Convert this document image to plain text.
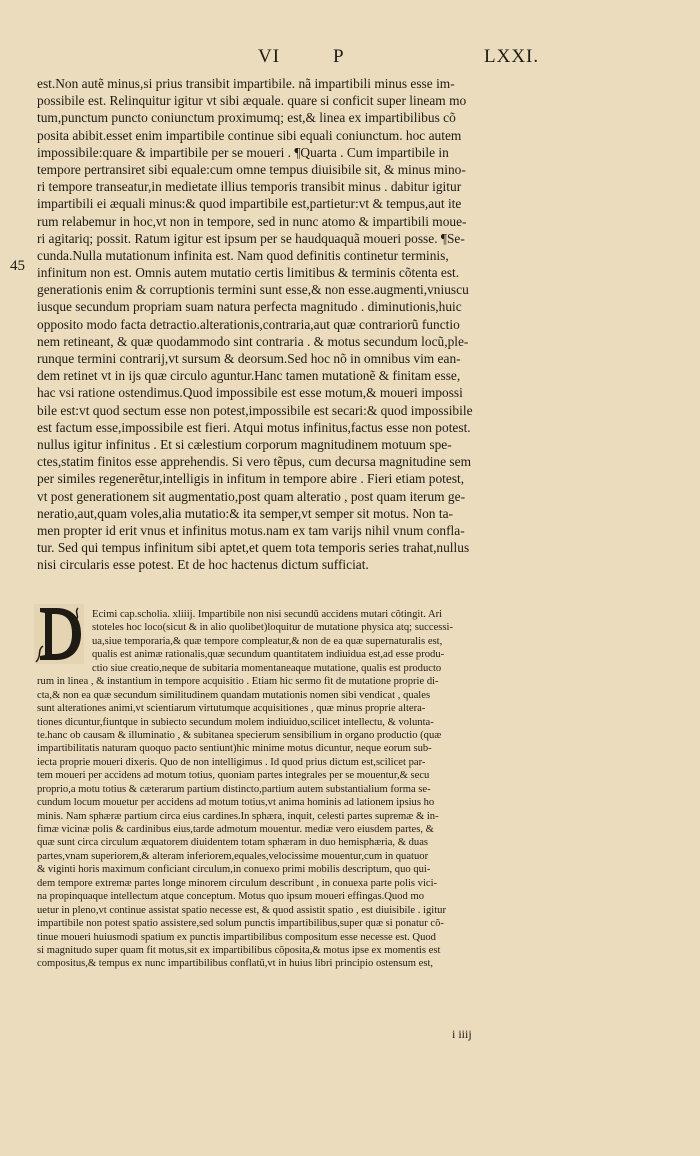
VI	P	LXXI.
45

est.Non autẽ minus,si prius transibit impartibile. nã impartibili minus esse im-

possibile est. Relinquitur igitur vt sibi æquale. quare si conficit super lineam mo

tum,punctum puncto coniunctum proximumq; est,& linea ex impartibilibus cõ

posita abibit.esset enim impartibile continue sibi equali coniunctum. hoc autem

impossibile:quare & impartibile per se moueri . ¶Quarta . Cum impartibile in

tempore pertransiret sibi equale:cum omne tempus diuisibile sit, & minus mino-

ri tempore transeatur,in medietate illius temporis transibit minus . dabitur igitur

impartibili ei æquali minus:& quod impartibile est,partietur:vt & tempus,aut ite

rum relabemur in hoc,vt non in tempore, sed in nunc atomo & impartibili moue-

ri agitariq; possit. Ratum igitur est ipsum per se haudquaquã moueri posse. ¶Se-

cunda.Nulla mutationum infinita est. Nam quod definitis continetur terminis,

infinitum non est. Omnis autem mutatio certis limitibus & terminis cõtenta est.

generationis enim & corruptionis termini sunt esse,& non esse.augmenti,vniuscu

iusque secundum propriam suam natura perfecta magnitudo . diminutionis,huic

opposito modo facta detractio.alterationis,contraria,aut quæ contrariorũ functio

nem retineant, & quæ quodammodo sint contraria . & motus secundum locũ,ple-

runque termini contrarij,vt sursum & deorsum.Sed hoc nõ in omnibus vim ean-

dem retinet vt in ijs quæ circulo aguntur.Hanc tamen mutationẽ & finitam esse,

hac vsi ratione ostendimus.Quod impossibile est esse motum,& moueri impossi

bile est:vt quod sectum esse non potest,impossibile est secari:& quod impossibile

est factum esse,impossibile est fieri. Atqui motus infinitus,factus esse non potest.

nullus igitur infinitus . Et si cælestium corporum magnitudinem motuum spe-

ctes,statim finitos esse apprehendis. Si vero tẽpus, cum decursa magnitudine sem

per similes regenerẽtur,intelligis in infitum in tempore abire . Fieri etiam potest,

vt post generationem sit augmentatio,post quam alteratio , post quam iterum ge-

neratio,aut,quam voles,alia mutatio:& ita semper,vt semper sit motus. Non ta-

men propter id erit vnus et infinitus motus.nam ex tam varijs nihil vnum confla-

tur. Sed qui tempus infinitum sibi aptet,et quem tota temporis series trahat,nullus

nisi circularis esse potest. Et de hoc hactenus dictum sufficiat.

Ecimi cap.scholia. xliiij. Impartibile non nisi secundũ accidens mutari cõtingit. Ari

stoteles hoc loco(sicut & in alio quolibet)loquitur de mutatione physica atq; successi-

ua,siue temporaria,& quæ tempore compleatur,& non de ea quæ supernaturalis est,

qualis est animæ rationalis,quæ secundum quantitatem indiuidua est,ad esse produ-

ctio siue creatio,neque de subitaria momentaneaque mutatione, qualis est producto

rum in linea , & instantium in tempore acquisitio . Etiam hic sermo fit de mutatione proprie di-

cta,& non ea quæ secundum similitudinem quandam mutationis nomen sibi vendicat , quales

sunt alterationes animi,vt scientiarum virtutumque acquisitiones , quæ minus proprie altera-

tiones dicuntur,fiuntque in subiecto secundum molem indiuiduo,scilicet intellectu, & volunta-

te.hanc ob causam & illuminatio , & subitanea specierum sensibilium in organo productio (quæ

impartibilitatis naturam quoquo pacto sentiunt)hic minime motus dicuntur, neque eorum sub-

iecta proprie moueri dixeris. Quo de non intelligimus . Id quod prius dictum est,scilicet par-

tem moueri per accidens ad motum totius, quoniam partes integrales per se mouentur,& secu

proprio,a motu totius & cæterarum partium distincto,partium autem substantialium forma se-

cundum locum mouetur per accidens ad motum totius,vt anima hominis ad lationem ipsius ho

minis. Nam sphæræ partium circa eius cardines.In sphæra, inquit, celesti partes supremæ & in-

fimæ vicinæ polis & cardinibus eius,tarde admotum mouentur. mediæ vero eiusdem partes, &

quæ sunt circa circulum æquatorem diuidentem totam sphæram in duo hemisphæria, & duas

partes,vnam superiorem,& alteram inferiorem,equales,velocissime mouentur,cum in quatuor

& viginti horis maximum conficiant circulum,in conuexo primi mobilis descriptum, quo qui-

dem tempore extremæ partes longe minorem circulum describunt , in conuexa parte polis vici-

na propinquaque intellectum atque conceptum. Motus quo ipsum moueri effingas.Quod mo

uetur in pleno,vt continue assistat spatio necesse est, & quod assistit spatio , est diuisibile . igitur

impartibile non potest spatio assistere,sed solum punctis impartibilibus,super quæ si ponatur cõ-

tinue moueri huiusmodi spatium ex punctis impartibilibus compositum esse necesse est. Quod

si magnitudo super quam fit motus,sit ex impartibilibus cõposita,& motus ipse ex momentis est

compositus,& tempus ex nunc impartibilibus conflatũ,vt in huius libri principio ostensum est,

i iiij
